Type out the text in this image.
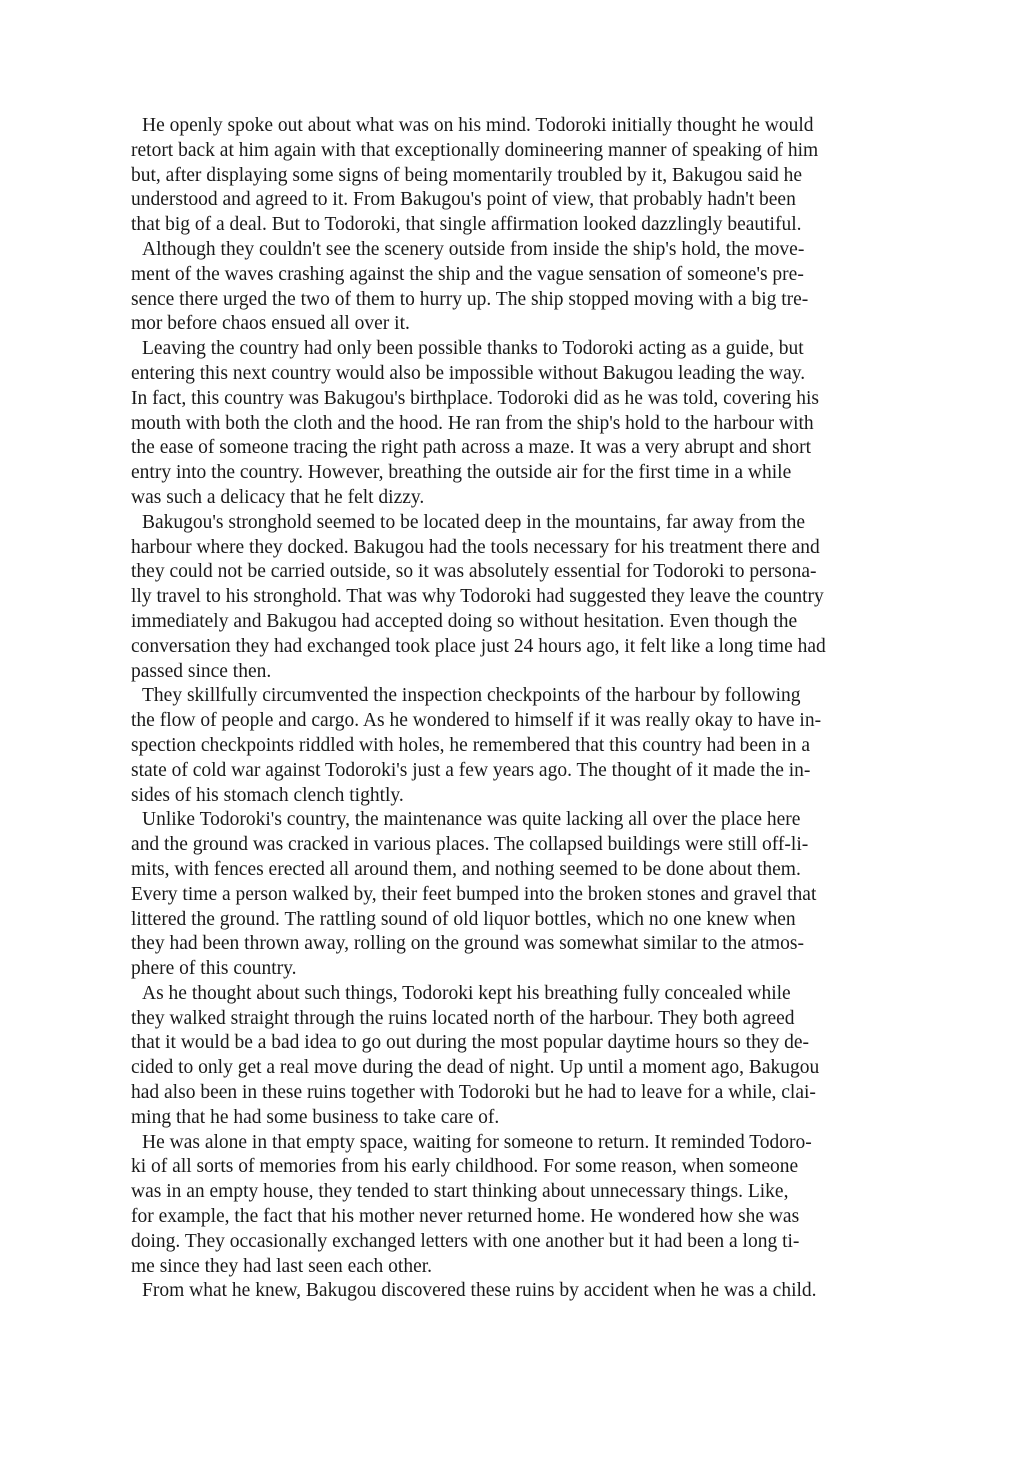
He openly spoke out about what was on his mind. Todoroki initially thought he would
retort back at him again with that exceptionally domineering manner of speaking of him
but, after displaying some signs of being momentarily troubled by it, Bakugou said he
understood and agreed to it. From Bakugou's point of view, that probably hadn't been
that big of a deal. But to Todoroki, that single affirmation looked dazzlingly beautiful.
Although they couldn't see the scenery outside from inside the ship's hold, the move-
ment of the waves crashing against the ship and the vague sensation of someone's pre-
sence there urged the two of them to hurry up. The ship stopped moving with a big tre-
mor before chaos ensued all over it.
Leaving the country had only been possible thanks to Todoroki acting as a guide, but
entering this next country would also be impossible without Bakugou leading the way.
In fact, this country was Bakugou's birthplace. Todoroki did as he was told, covering his
mouth with both the cloth and the hood. He ran from the ship's hold to the harbour with
the ease of someone tracing the right path across a maze. It was a very abrupt and short
entry into the country. However, breathing the outside air for the first time in a while
was such a delicacy that he felt dizzy.
Bakugou's stronghold seemed to be located deep in the mountains, far away from the
harbour where they docked. Bakugou had the tools necessary for his treatment there and
they could not be carried outside, so it was absolutely essential for Todoroki to persona-
lly travel to his stronghold. That was why Todoroki had suggested they leave the country
immediately and Bakugou had accepted doing so without hesitation. Even though the
conversation they had exchanged took place just 24 hours ago, it felt like a long time had
passed since then.
They skillfully circumvented the inspection checkpoints of the harbour by following
the flow of people and cargo. As he wondered to himself if it was really okay to have in-
spection checkpoints riddled with holes, he remembered that this country had been in a
state of cold war against Todoroki's just a few years ago. The thought of it made the in-
sides of his stomach clench tightly.
Unlike Todoroki's country, the maintenance was quite lacking all over the place here
and the ground was cracked in various places. The collapsed buildings were still off-li-
mits, with fences erected all around them, and nothing seemed to be done about them.
Every time a person walked by, their feet bumped into the broken stones and gravel that
littered the ground. The rattling sound of old liquor bottles, which no one knew when
they had been thrown away, rolling on the ground was somewhat similar to the atmos-
phere of this country.
As he thought about such things, Todoroki kept his breathing fully concealed while
they walked straight through the ruins located north of the harbour. They both agreed
that it would be a bad idea to go out during the most popular daytime hours so they de-
cided to only get a real move during the dead of night. Up until a moment ago, Bakugou
had also been in these ruins together with Todoroki but he had to leave for a while, clai-
ming that he had some business to take care of.
He was alone in that empty space, waiting for someone to return. It reminded Todoro-
ki of all sorts of memories from his early childhood. For some reason, when someone
was in an empty house, they tended to start thinking about unnecessary things. Like,
for example, the fact that his mother never returned home. He wondered how she was
doing. They occasionally exchanged letters with one another but it had been a long ti-
me since they had last seen each other.
From what he knew, Bakugou discovered these ruins by accident when he was a child.
